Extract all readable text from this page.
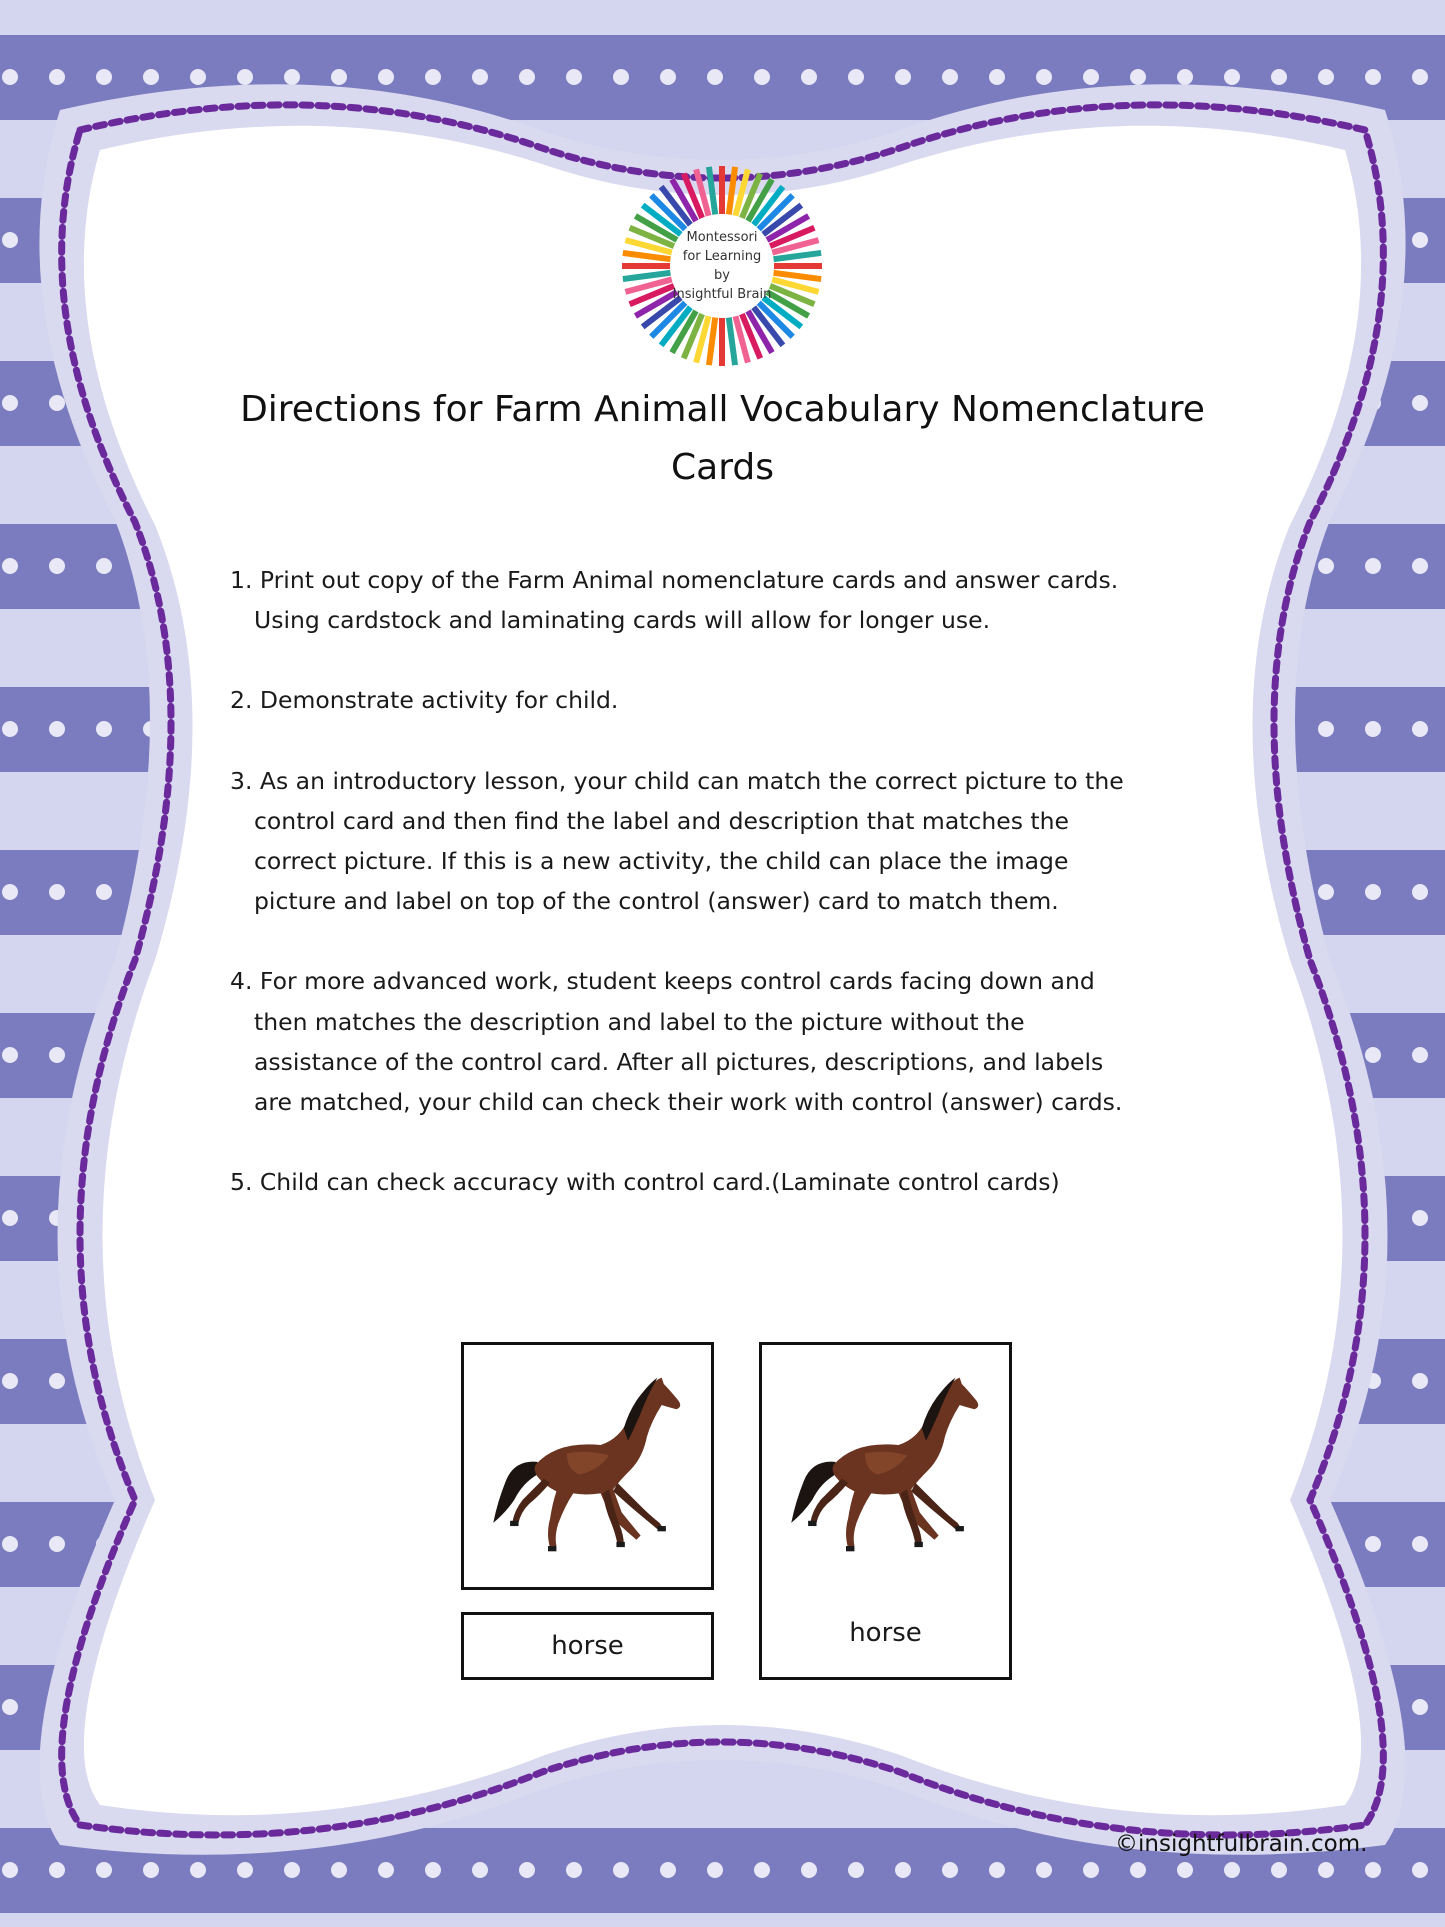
Montessori
for Learning
by
Insightful Brain
Directions for Farm Animall Vocabulary Nomenclature
Cards

1. Print out copy of the Farm Animal nomenclature cards and answer cards. Using cardstock and laminating cards will allow for longer use.

2. Demonstrate activity for child.

3. As an introductory lesson, your child can match the correct picture to the control card and then find the label and description that matches the correct picture. If this is a new activity, the child can place the image picture and label on top of the control (answer) card to match them.

4. For more advanced work, student keeps control cards facing down and then matches the description and label to the picture without the assistance of the control card. After all pictures, descriptions, and labels are matched, your child can check their work with control (answer) cards.

5. Child can check accuracy with control card.(Laminate control cards)

horse	horse
©insightfulbrain.com.
